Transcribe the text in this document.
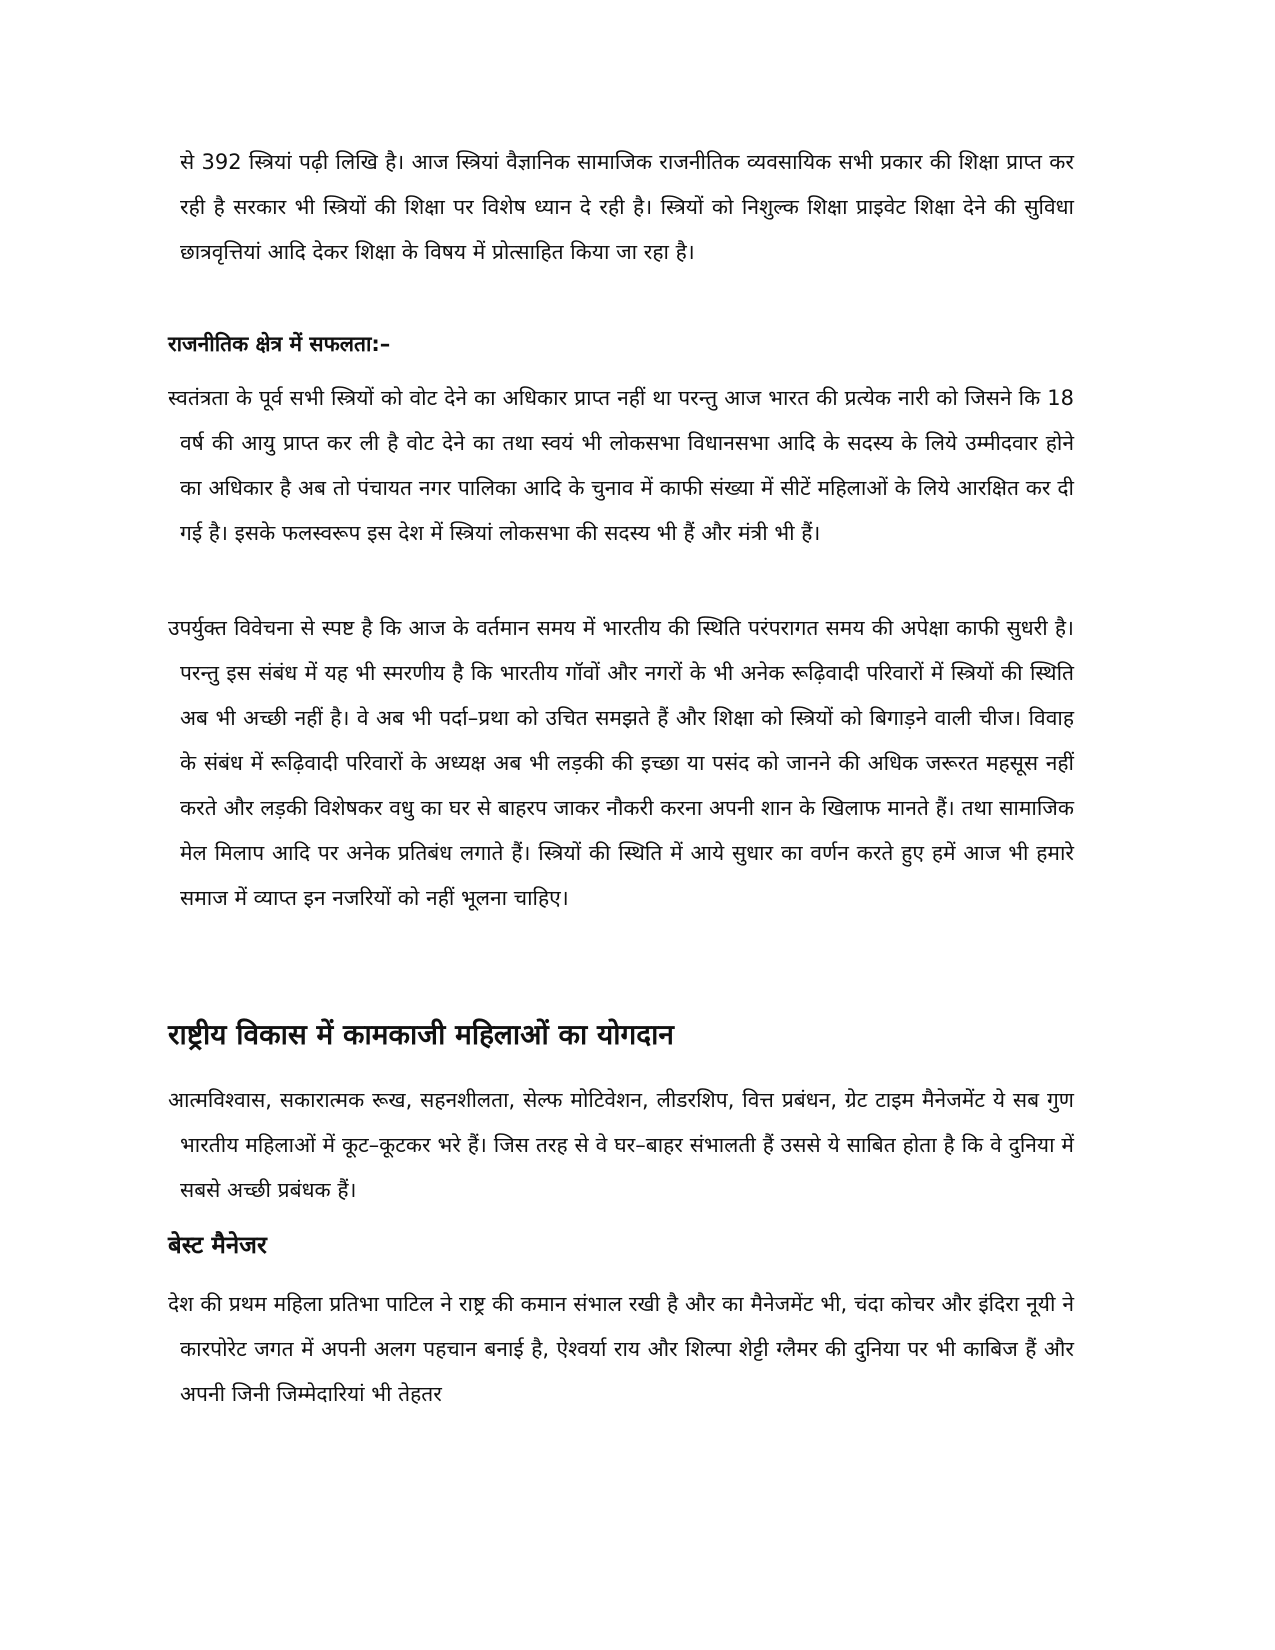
से 392 स्त्रियां पढ़ी लिखि है। आज स्त्रियां वैज्ञानिक सामाजिक राजनीतिक व्यवसायिक सभी प्रकार की शिक्षा प्राप्त कर रही है सरकार भी स्त्रियों की शिक्षा पर विशेष ध्यान दे रही है। स्त्रियों को निशुल्क शिक्षा प्राइवेट शिक्षा देने की सुविधा छात्रवृत्तियां आदि देकर शिक्षा के विषय में प्रोत्साहित किया जा रहा है।

राजनीतिक क्षेत्र में सफलता:–

स्वतंत्रता के पूर्व सभी स्त्रियों को वोट देने का अधिकार प्राप्त नहीं था परन्तु आज भारत की प्रत्येक नारी को जिसने कि 18 वर्ष की आयु प्राप्त कर ली है वोट देने का तथा स्वयं भी लोकसभा विधानसभा आदि के सदस्य के लिये उम्मीदवार होने का अधिकार है अब तो पंचायत नगर पालिका आदि के चुनाव में काफी संख्या में सीटें महिलाओं के लिये आरक्षित कर दी गई है। इसके फलस्वरूप इस देश में स्त्रियां लोकसभा की सदस्य भी हैं और मंत्री भी हैं।

उपर्युक्त विवेचना से स्पष्ट है कि आज के वर्तमान समय में भारतीय की स्थिति परंपरागत समय की अपेक्षा काफी सुधरी है। परन्तु इस संबंध में यह भी स्मरणीय है कि भारतीय गॉवों और नगरों के भी अनेक रूढ़िवादी परिवारों में स्त्रियों की स्थिति अब भी अच्छी नहीं है। वे अब भी पर्दा–प्रथा को उचित समझते हैं और शिक्षा को स्त्रियों को बिगाड़ने वाली चीज। विवाह के संबंध में रूढ़िवादी परिवारों के अध्यक्ष अब भी लड़की की इच्छा या पसंद को जानने की अधिक जरूरत महसूस नहीं करते और लड़की विशेषकर वधु का घर से बाहरप जाकर नौकरी करना अपनी शान के खिलाफ मानते हैं। तथा सामाजिक मेल मिलाप आदि पर अनेक प्रतिबंध लगाते हैं। स्त्रियों की स्थिति में आये सुधार का वर्णन करते हुए हमें आज भी हमारे समाज में व्याप्त इन नजरियों को नहीं भूलना चाहिए।

राष्ट्रीय विकास में कामकाजी महिलाओं का योगदान

आत्मविश्वास, सकारात्मक रूख, सहनशीलता, सेल्फ मोटिवेशन, लीडरशिप, वित्त प्रबंधन, ग्रेट टाइम मैनेजमेंट ये सब गुण भारतीय महिलाओं में कूट–कूटकर भरे हैं। जिस तरह से वे घर–बाहर संभालती हैं उससे ये साबित होता है कि वे दुनिया में सबसे अच्छी प्रबंधक हैं।

बेस्ट मैनेजर

देश की प्रथम महिला प्रतिभा पाटिल ने राष्ट्र की कमान संभाल रखी है और का मैनेजमेंट भी, चंदा कोचर और इंदिरा नूयी ने कारपोरेट जगत में अपनी अलग पहचान बनाई है, ऐश्वर्या राय और शिल्पा शेट्टी ग्लैमर की दुनिया पर भी काबिज हैं और अपनी जिनी जिम्मेदारियां भी तेहतर
